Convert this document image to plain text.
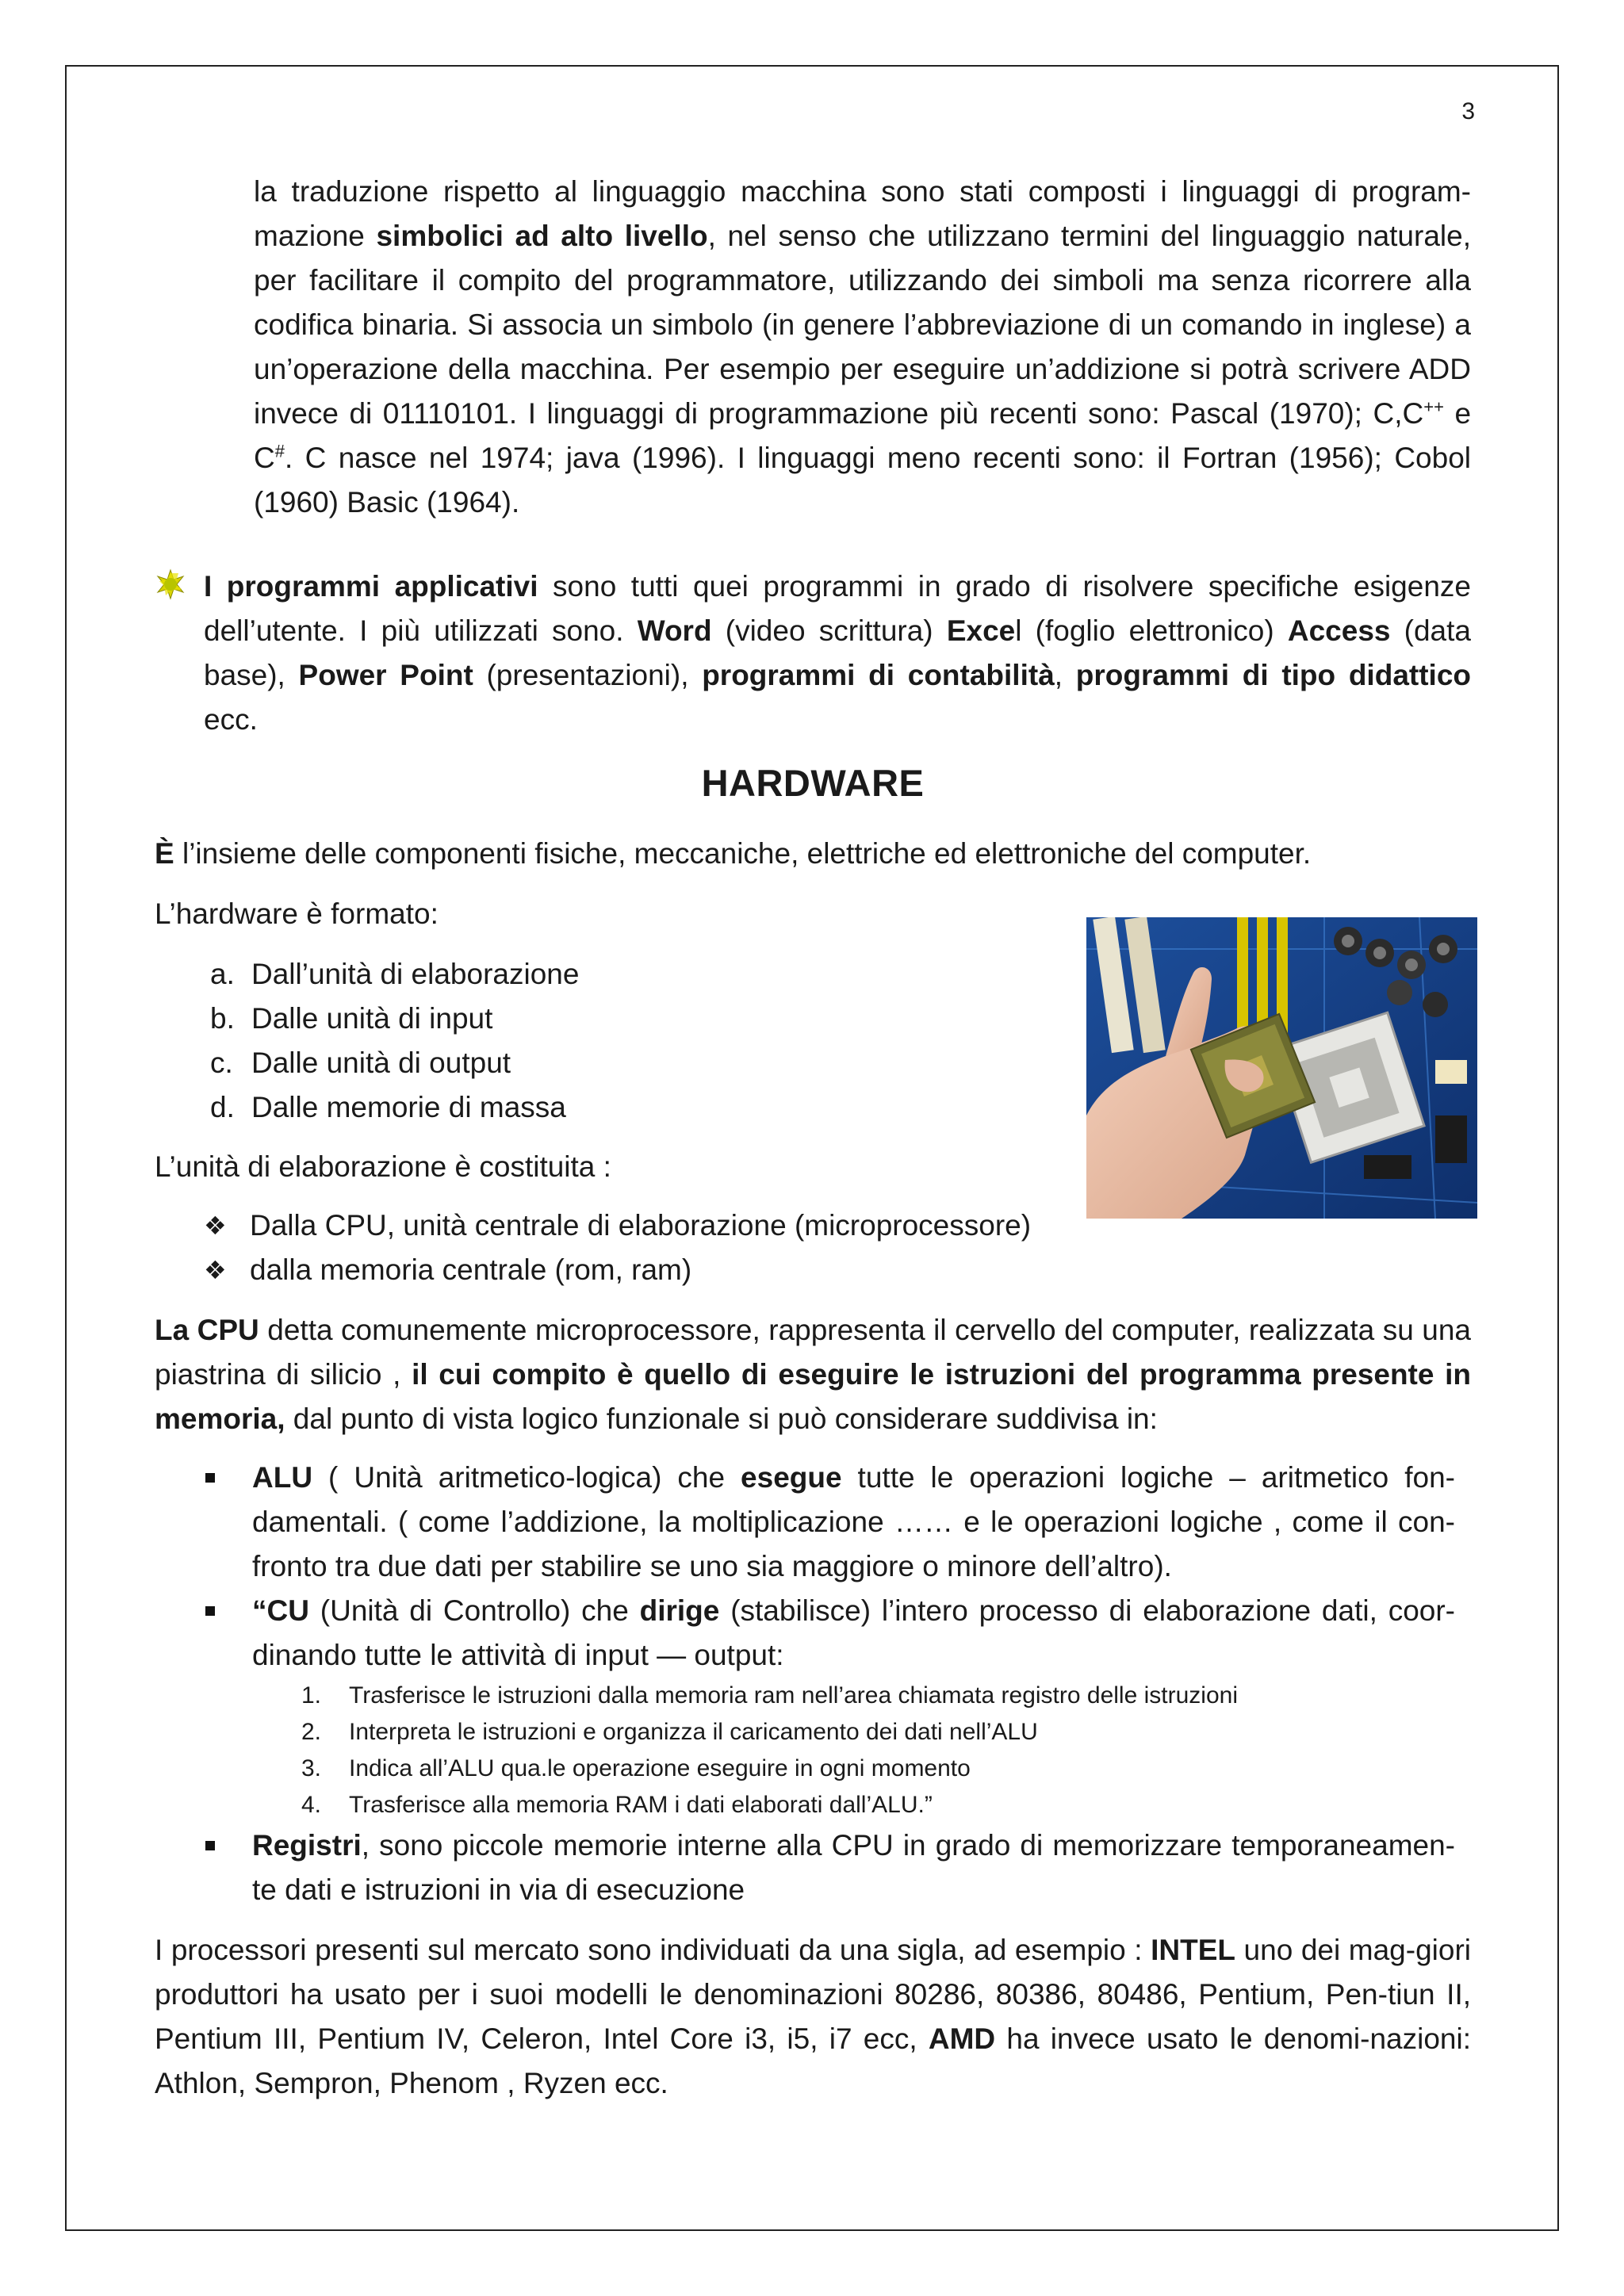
3
la traduzione rispetto al linguaggio macchina sono stati composti i linguaggi di program-mazione simbolici ad alto livello, nel senso che utilizzano termini del linguaggio naturale, per facilitare il compito del programmatore, utilizzando dei simboli ma senza ricorrere alla codifica binaria. Si associa un simbolo (in genere l’abbreviazione di un comando in inglese) a un’operazione della macchina. Per esempio per eseguire un’addizione si potrà scrivere ADD invece di 01110101. I linguaggi di programmazione più recenti sono: Pascal (1970); C,C++ e C#. C nasce nel 1974; java (1996). I linguaggi meno recenti sono: il Fortran (1956); Cobol (1960) Basic (1964).
I programmi applicativi sono tutti quei programmi in grado di risolvere specifiche esigenze dell’utente. I più utilizzati sono. Word (video scrittura) Excel (foglio elettronico) Access (data base), Power Point (presentazioni), programmi di contabilità, programmi di tipo didattico ecc.
HARDWARE
È l’insieme delle componenti fisiche, meccaniche, elettriche ed elettroniche del computer.
L’hardware è formato:
a. Dall’unità di elaborazione
b. Dalle unità di input
c. Dalle unità di output
d. Dalle memorie di massa
L’unità di elaborazione è costituita :
❖ Dalla CPU, unità centrale di elaborazione (microprocessore)
❖ dalla memoria centrale (rom, ram)
La CPU detta comunemente microprocessore, rappresenta il cervello del computer, realizzata su una piastrina di silicio , il cui compito è quello di eseguire le istruzioni del programma presente in memoria, dal punto di vista logico funzionale si può considerare suddivisa in:
ALU ( Unità aritmetico-logica) che esegue tutte le operazioni logiche – aritmetico fon-damentali. ( come l’addizione, la moltiplicazione …… e le operazioni logiche , come il con-fronto tra due dati per stabilire se uno sia maggiore o minore dell’altro).
“CU (Unità di Controllo) che dirige (stabilisce) l’intero processo di elaborazione dati, coor-dinando tutte le attività di input — output:
1.	Trasferisce le istruzioni dalla memoria ram nell’area chiamata registro delle istruzioni
2.	Interpreta le istruzioni e organizza il caricamento dei dati nell’ALU
3.	Indica all’ALU qua.le operazione eseguire in ogni momento
4.	Trasferisce alla memoria RAM i dati elaborati dall’ALU.”
Registri, sono piccole memorie interne alla CPU in grado di memorizzare temporaneamen-te dati e istruzioni in via di esecuzione
I processori presenti sul mercato sono individuati da una sigla, ad esempio : INTEL uno dei mag-giori produttori ha usato per i suoi modelli le denominazioni 80286, 80386, 80486, Pentium, Pen-tiun II, Pentium III, Pentium IV, Celeron, Intel Core i3, i5, i7 ecc, AMD ha invece usato le denomi-nazioni: Athlon, Sempron, Phenom , Ryzen ecc.
